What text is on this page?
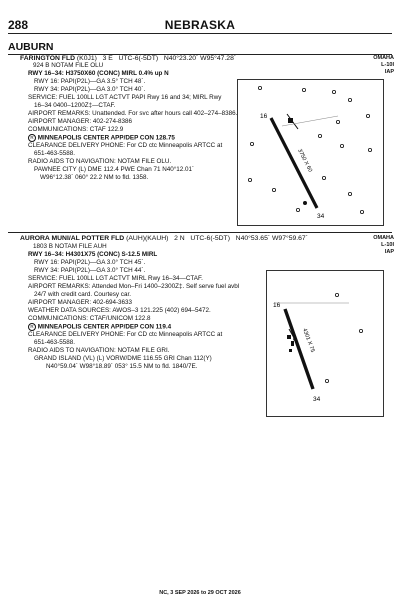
288	NEBRASKA
AUBURN
FARINGTON FLD (K0J1) 3 E UTC-6(-5DT) N40°23.20´ W95°47.28´	OMAHA
L-10I
IAP
924 B NOTAM FILE OLU
RWY 16–34: H3750X60 (CONC) MIRL 0.4% up N
RWY 16: PAPI(P2L)—GA 3.5° TCH 48´.
RWY 34: PAPI(P2L)—GA 3.0° TCH 40´.
SERVICE: FUEL 100LL LGT ACTVT PAPI Rwy 16 and 34; MIRL Rwy
16–34 0400–1200Z‡—CTAF.
AIRPORT REMARKS: Unattended. For svc after hours call 402–274–8386.
AIRPORT MANAGER: 402-274-8386
COMMUNICATIONS: CTAF 122.9
R MINNEAPOLIS CENTER APP/DEP CON 128.75
CLEARANCE DELIVERY PHONE: For CD ctc Minneapolis ARTCC at
651-463-5588.
RADIO AIDS TO NAVIGATION: NOTAM FILE OLU.
PAWNEE CITY (L) DME 112.4 PWE Chan 71 N40°12.01´
W96°12.38´ 060° 22.2 NM to fld. 1358.
16
34
3750 X 60
AURORA MUNI/AL POTTER FLD (AUH)(KAUH) 2 N UTC-6(-5DT) N40°53.65´ W97°59.67´	OMAHA
L-10I
IAP
1803 B NOTAM FILE AUH
RWY 16–34: H4301X75 (CONC) S-12.5 MIRL
RWY 16: PAPI(P2L)—GA 3.0° TCH 45´.
RWY 34: PAPI(P2L)—GA 3.0° TCH 44´.
SERVICE: FUEL 100LL LGT ACTVT MIRL Rwy 16–34—CTAF.
AIRPORT REMARKS: Attended Mon–Fri 1400–2300Z‡. Self serve fuel avbl
24/7 with credit card. Courtesy car.
AIRPORT MANAGER: 402-694-3633
WEATHER DATA SOURCES: AWOS–3 121.225 (402) 694–5472.
COMMUNICATIONS: CTAF/UNICOM 122.8
R MINNEAPOLIS CENTER APP/DEP CON 119.4
CLEARANCE DELIVERY PHONE: For CD ctc Minneapolis ARTCC at
651-463-5588.
RADIO AIDS TO NAVIGATION: NOTAM FILE GRI.
GRAND ISLAND (VL) (L) VORW/DME 116.55 GRI Chan 112(Y)
N40°59.04´ W98°18.89´ 053° 15.5 NM to fld. 1840/7E.
16
34
4301 X 75
NC, 3 SEP 2026 to 29 OCT 2026
